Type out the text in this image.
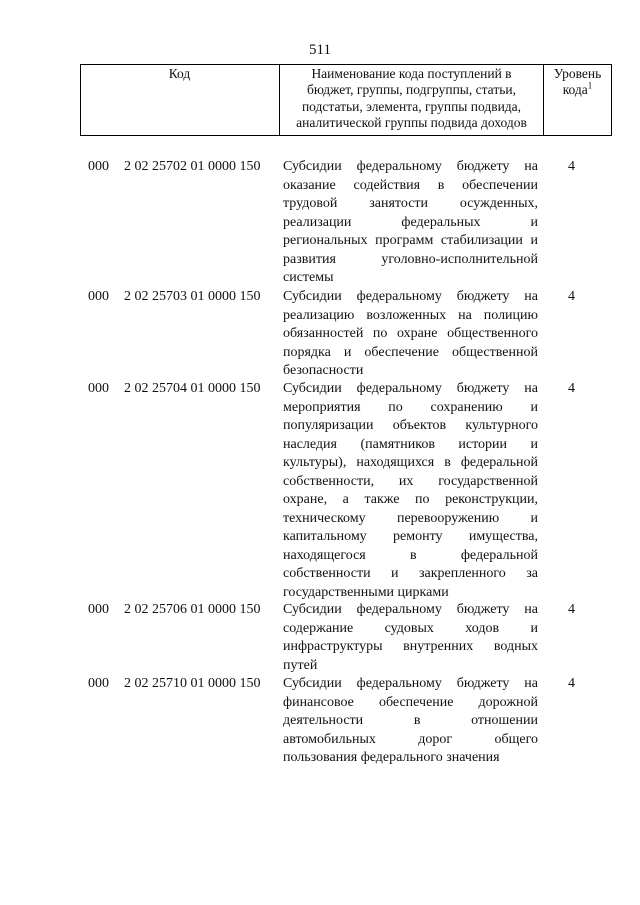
511
Код	Наименование кода поступлений в
бюджет, группы, подгруппы, статьи,
подстатьи, элемента, группы подвида,
аналитической группы подвида доходов
Уровень
кода$^1$
000 2 02 25702 01 0000 150 Субсидии федеральному бюджету на
оказание содействия в обеспечении
трудовой занятости осужденных,
реализации федеральных и
региональных программ стабилизации и
развития уголовно-исполнительной
системы
4
000 2 02 25703 01 0000 150 Субсидии федеральному бюджету на
реализацию возложенных на полицию
обязанностей по охране общественного
порядка и обеспечение общественной
безопасности
4
000 2 02 25704 01 0000 150 Субсидии федеральному бюджету на
мероприятия по сохранению и
популяризации объектов культурного
наследия (памятников истории и
культуры), находящихся в федеральной
собственности, их государственной
охране, а также по реконструкции,
техническому перевооружению и
капитальному ремонту имущества,
находящегося в федеральной
собственности и закрепленного за
государственными цирками
4
000 2 02 25706 01 0000 150 Субсидии федеральному бюджету на
содержание судовых ходов и
инфраструктуры внутренних водных
путей
4
000 2 02 25710 01 0000 150 Субсидии федеральному бюджету на
финансовое обеспечение дорожной
деятельности в отношении
автомобильных дорог общего
пользования федерального значения
4
